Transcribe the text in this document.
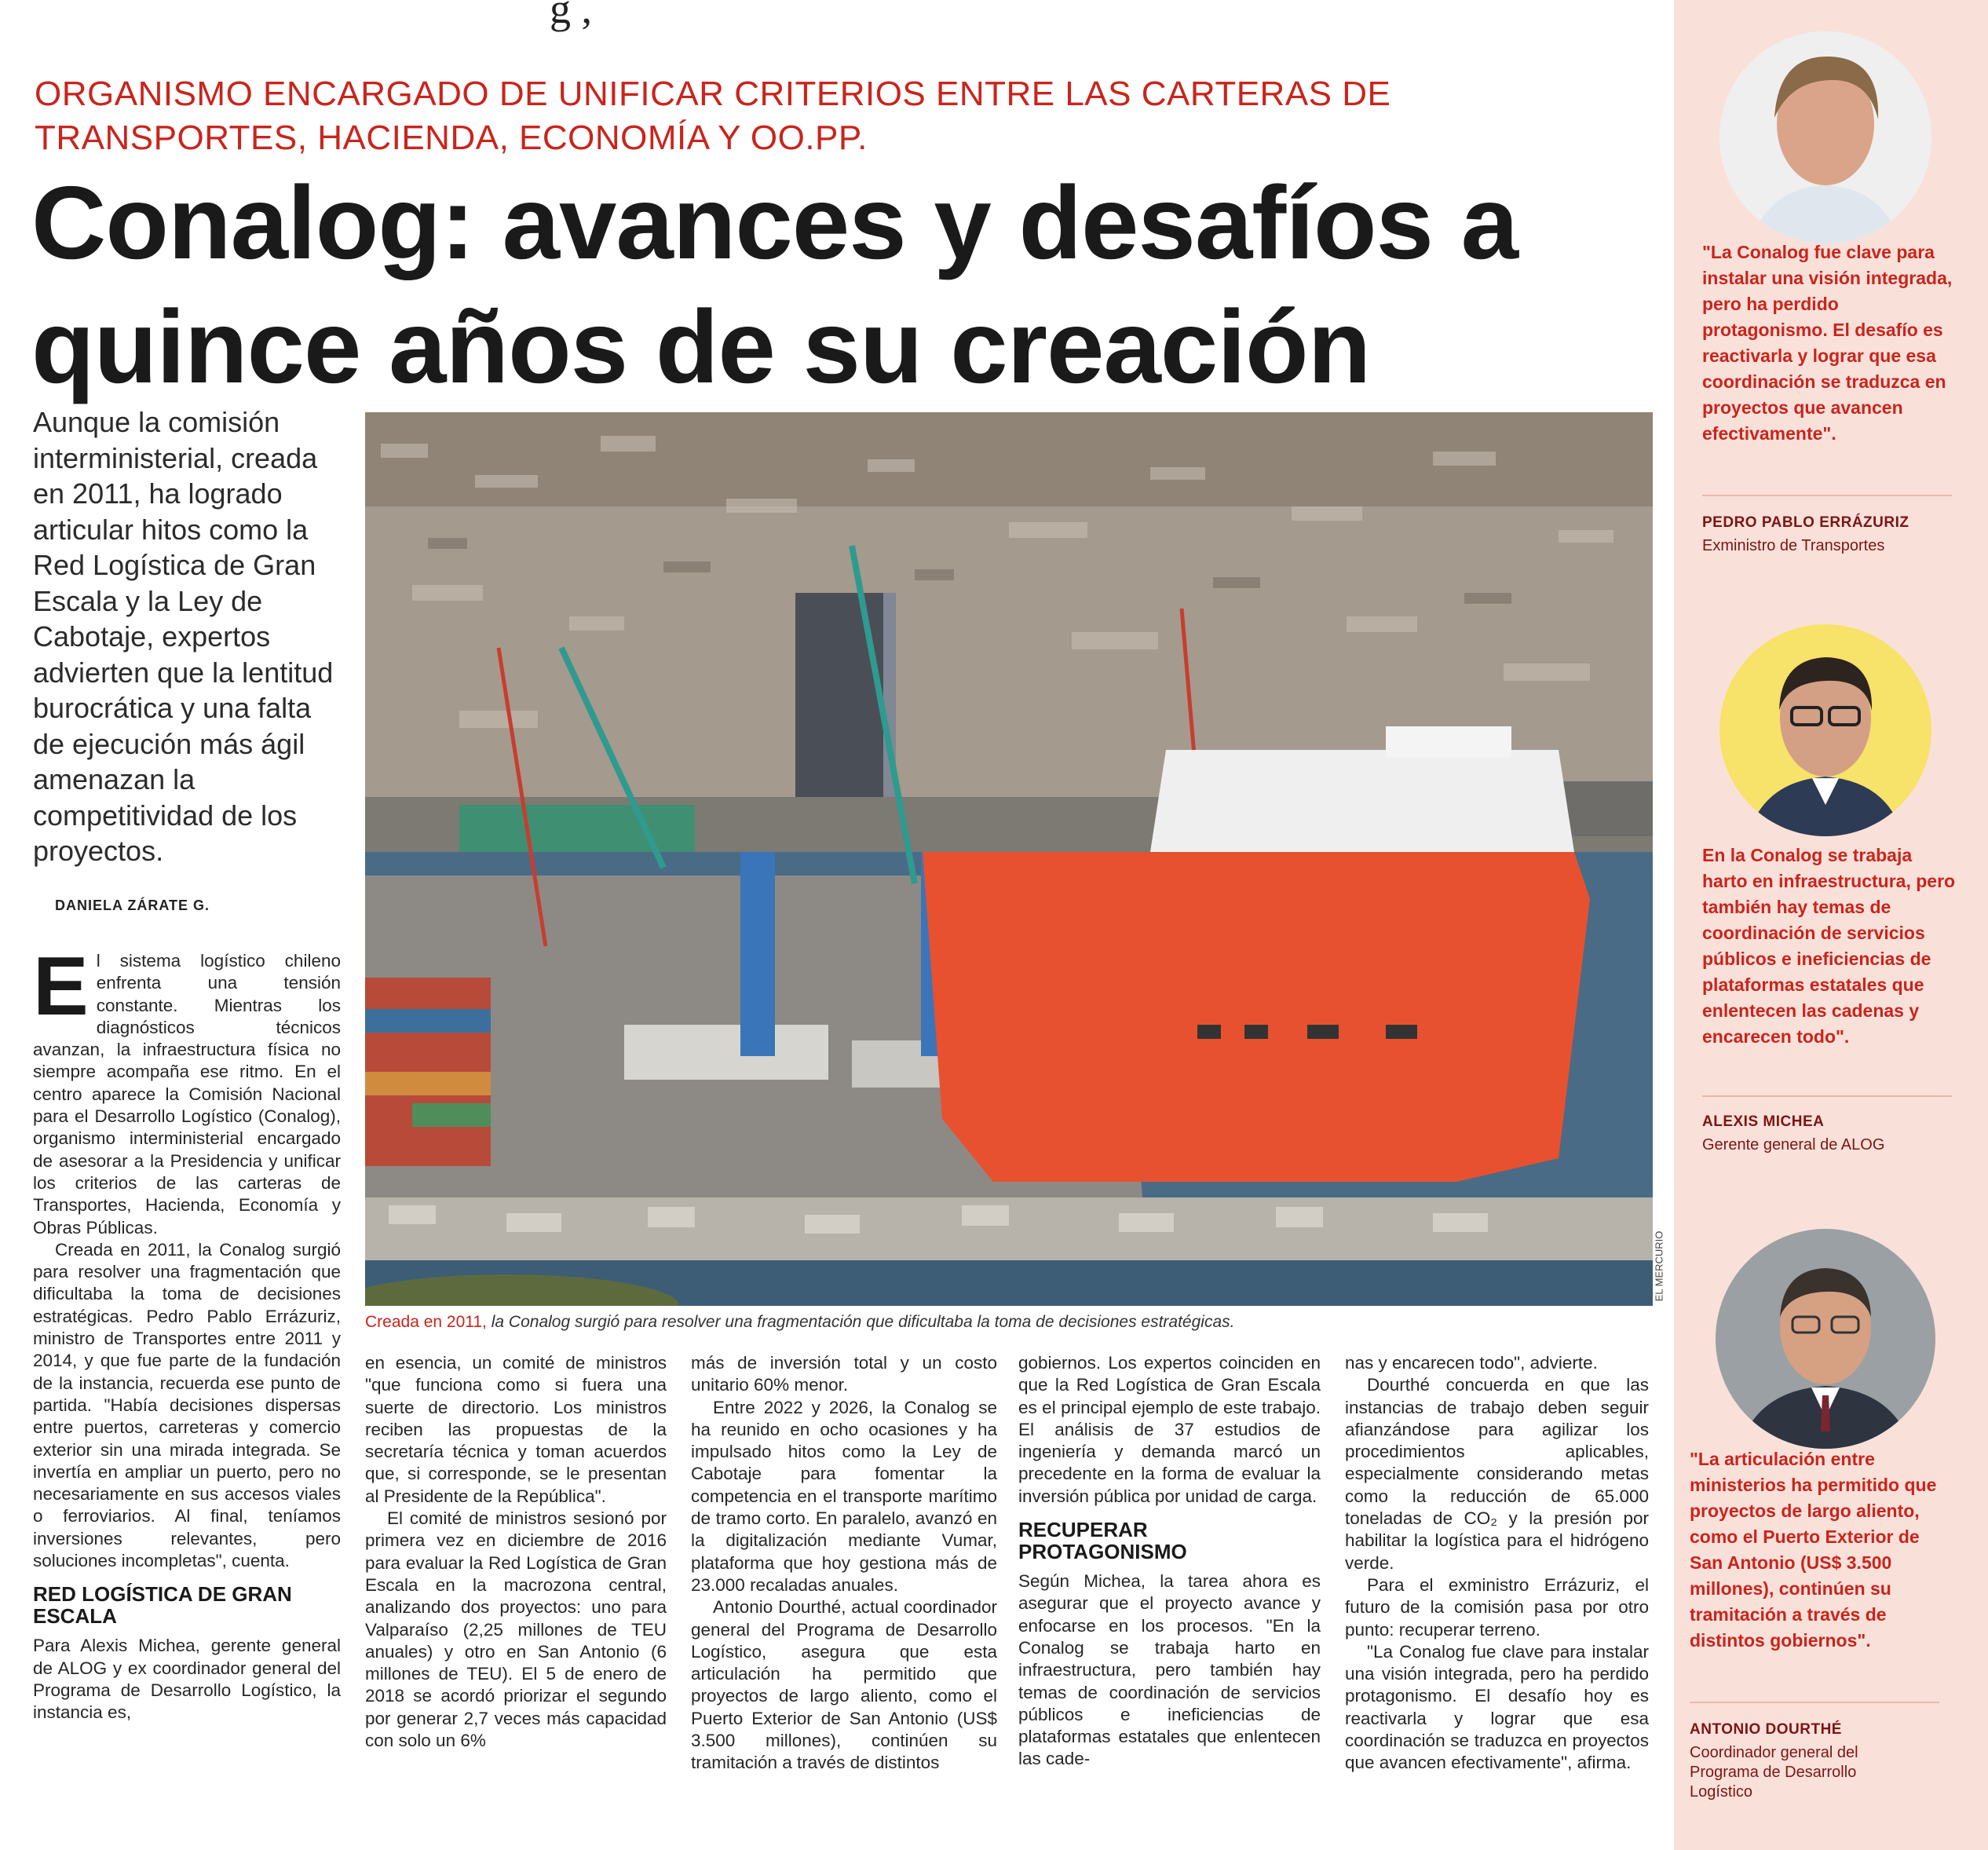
g ,
ORGANISMO ENCARGADO DE UNIFICAR CRITERIOS ENTRE LAS CARTERAS DE TRANSPORTES, HACIENDA, ECONOMÍA Y OO.PP.
Conalog: avances y desafíos a quince años de su creación
Aunque la comisión interministerial, creada en 2011, ha logrado articular hitos como la Red Logística de Gran Escala y la Ley de Cabotaje, expertos advierten que la lentitud burocrática y una falta de ejecución más ágil amenazan la competitividad de los proyectos.
DANIELA ZÁRATE G.
EL MERCURIO
Creada en 2011, la Conalog surgió para resolver una fragmentación que dificultaba la toma de decisiones estratégicas.

El sistema logístico chileno enfrenta una tensión constante. Mientras los diagnósticos técnicos avanzan, la infraestructura física no siempre acompaña ese ritmo. En el centro aparece la Comisión Nacional para el Desarrollo Logístico (Conalog), organismo interministerial encargado de asesorar a la Presidencia y unificar los criterios de las carteras de Transportes, Hacienda, Economía y Obras Públicas.

Creada en 2011, la Conalog surgió para resolver una fragmentación que dificultaba la toma de decisiones estratégicas. Pedro Pablo Errázuriz, ministro de Transportes entre 2011 y 2014, y que fue parte de la fundación de la instancia, recuerda ese punto de partida. "Había decisiones dispersas entre puertos, carreteras y comercio exterior sin una mirada integrada. Se invertía en ampliar un puerto, pero no necesariamente en sus accesos viales o ferroviarios. Al final, teníamos inversiones relevantes, pero soluciones incompletas", cuenta.

RED LOGÍSTICA DE GRAN ESCALA

Para Alexis Michea, gerente general de ALOG y ex coordinador general del Programa de Desarrollo Logístico, la instancia es,

en esencia, un comité de ministros "que funciona como si fuera una suerte de directorio. Los ministros reciben las propuestas de la secretaría técnica y toman acuerdos que, si corresponde, se le presentan al Presidente de la República".

El comité de ministros sesionó por primera vez en diciembre de 2016 para evaluar la Red Logística de Gran Escala en la macrozona central, analizando dos proyectos: uno para Valparaíso (2,25 millones de TEU anuales) y otro en San Antonio (6 millones de TEU). El 5 de enero de 2018 se acordó priorizar el segundo por generar 2,7 veces más capacidad con solo un 6%

más de inversión total y un costo unitario 60% menor.

Entre 2022 y 2026, la Conalog se ha reunido en ocho ocasiones y ha impulsado hitos como la Ley de Cabotaje para fomentar la competencia en el transporte marítimo de tramo corto. En paralelo, avanzó en la digitalización mediante Vumar, plataforma que hoy gestiona más de 23.000 recaladas anuales.

Antonio Dourthé, actual coordinador general del Programa de Desarrollo Logístico, asegura que esta articulación ha permitido que proyectos de largo aliento, como el Puerto Exterior de San Antonio (US$ 3.500 millones), continúen su tramitación a través de distintos

gobiernos. Los expertos coinciden en que la Red Logística de Gran Escala es el principal ejemplo de este trabajo. El análisis de 37 estudios de ingeniería y demanda marcó un precedente en la forma de evaluar la inversión pública por unidad de carga.

RECUPERAR PROTAGONISMO

Según Michea, la tarea ahora es asegurar que el proyecto avance y enfocarse en los procesos. "En la Conalog se trabaja harto en infraestructura, pero también hay temas de coordinación de servicios públicos e ineficiencias de plataformas estatales que enlentecen las cade-

nas y encarecen todo", advierte.

Dourthé concuerda en que las instancias de trabajo deben seguir afianzándose para agilizar los procedimientos aplicables, especialmente considerando metas como la reducción de 65.000 toneladas de CO₂ y la presión por habilitar la logística para el hidrógeno verde.

Para el exministro Errázuriz, el futuro de la comisión pasa por otro punto: recuperar terreno.

"La Conalog fue clave para instalar una visión integrada, pero ha perdido protagonismo. El desafío hoy es reactivarla y lograr que esa coordinación se traduzca en proyectos que avancen efectivamente", afirma.

"La Conalog fue clave para instalar una visión integrada, pero ha perdido protagonismo. El desafío es reactivarla y lograr que esa coordinación se traduzca en proyectos que avancen efectivamente".
PEDRO PABLO ERRÁZURIZ
Exministro de Transportes
En la Conalog se trabaja harto en infraestructura, pero también hay temas de coordinación de servicios públicos e ineficiencias de plataformas estatales que enlentecen las cadenas y encarecen todo".
ALEXIS MICHEA
Gerente general de ALOG
"La articulación entre ministerios ha permitido que proyectos de largo aliento, como el Puerto Exterior de San Antonio (US$ 3.500 millones), continúen su tramitación a través de distintos gobiernos".
ANTONIO DOURTHÉ
Coordinador general del Programa de Desarrollo Logístico
